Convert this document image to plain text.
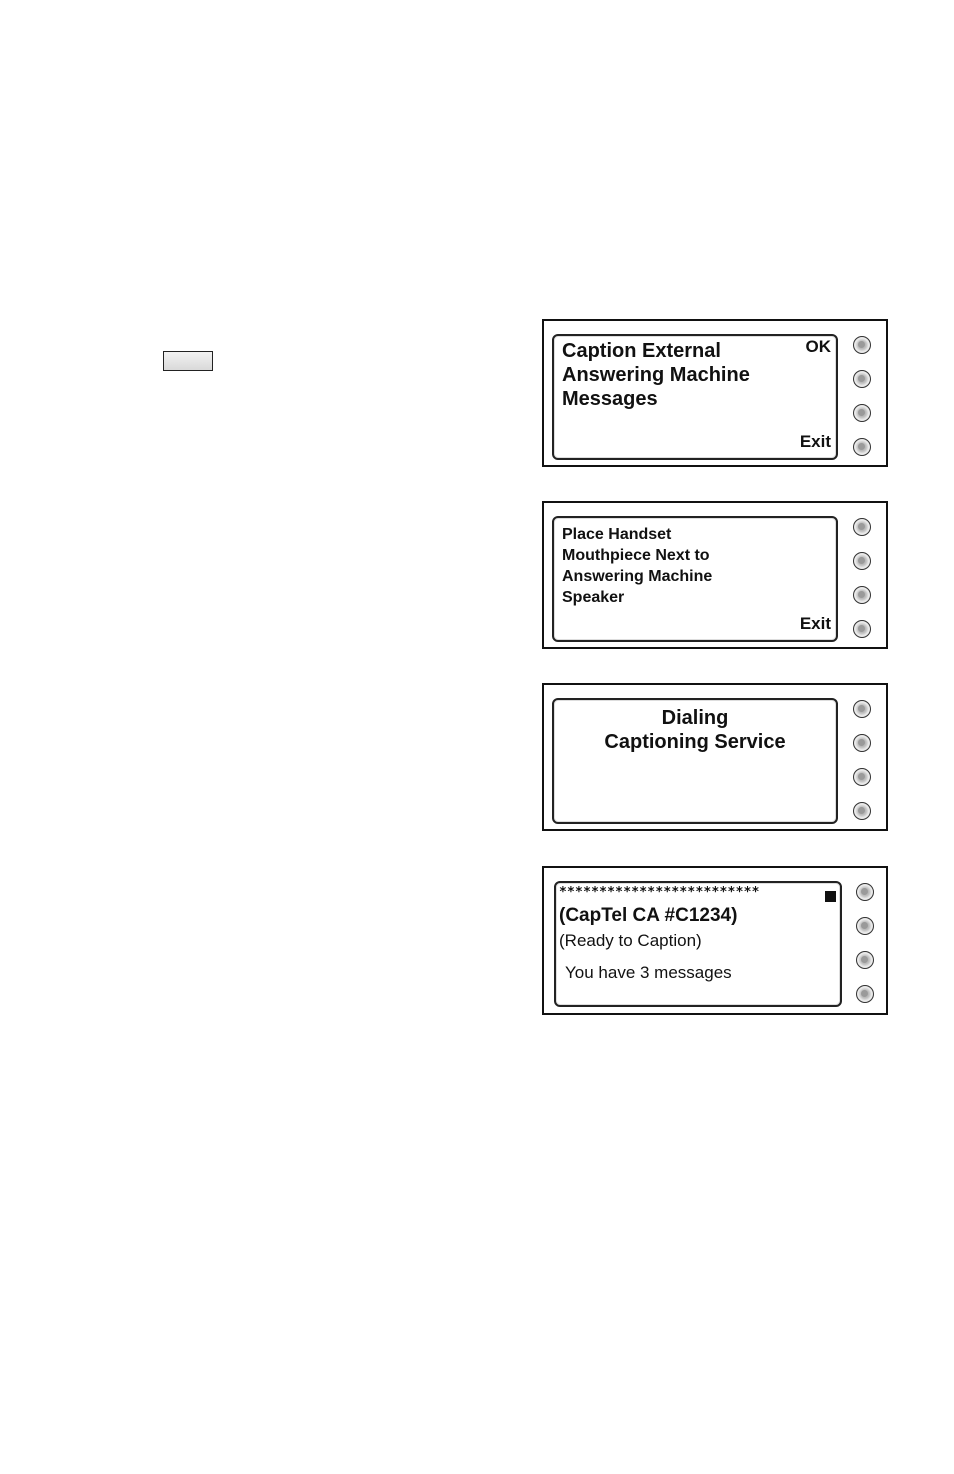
Caption External
Answering Machine
Messages
OK
Exit
Place Handset
Mouthpiece Next to
Answering Machine
Speaker
Exit
Dialing
Captioning Service
*************************
(CapTel CA #C1234)
(Ready to Caption)
You have 3 messages
